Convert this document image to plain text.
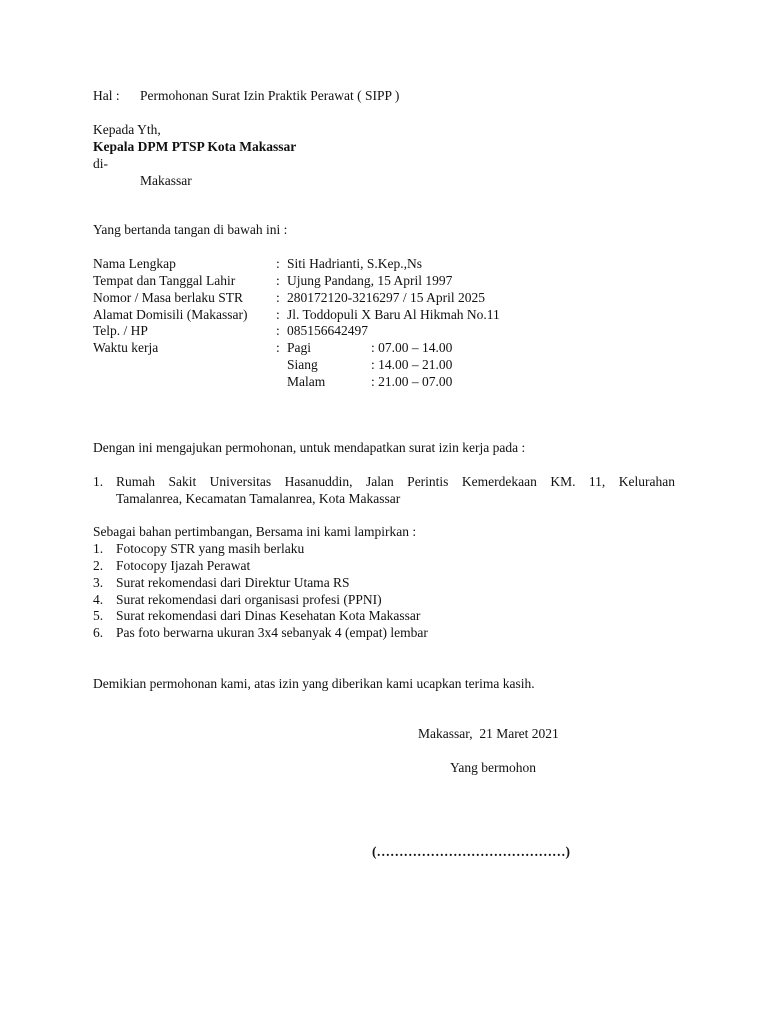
Hal : Permohonan Surat Izin Praktik Perawat ( SIPP )
Kepada Yth,
Kepala DPM PTSP Kota Makassar
di-
Makassar
Yang bertanda tangan di bawah ini :
Nama Lengkap	: Siti Hadrianti, S.Kep.,Ns
Tempat dan Tanggal Lahir	: Ujung Pandang, 15 April 1997
Nomor / Masa berlaku STR : 280172120-3216297 / 15 April 2025
Alamat Domisili (Makassar) : Jl. Toddopuli X Baru Al Hikmah No.11
Telp. / HP	: 085156642497
Waktu kerja	: Pagi	: 07.00 – 14.00
Siang	: 14.00 – 21.00
Malam	: 21.00 – 07.00
Dengan ini mengajukan permohonan, untuk mendapatkan surat izin kerja pada :
1. Rumah Sakit Universitas Hasanuddin, Jalan Perintis Kemerdekaan KM. 11, Kelurahan
Tamalanrea, Kecamatan Tamalanrea, Kota Makassar
Sebagai bahan pertimbangan, Bersama ini kami lampirkan :
1. Fotocopy STR yang masih berlaku
2. Fotocopy Ijazah Perawat
3. Surat rekomendasi dari Direktur Utama RS
4. Surat rekomendasi dari organisasi profesi (PPNI)
5. Surat rekomendasi dari Dinas Kesehatan Kota Makassar
6. Pas foto berwarna ukuran 3x4 sebanyak 4 (empat) lembar
Demikian permohonan kami, atas izin yang diberikan kami ucapkan terima kasih.
Makassar,  21 Maret 2021
Yang bermohon
(……………………………………)
